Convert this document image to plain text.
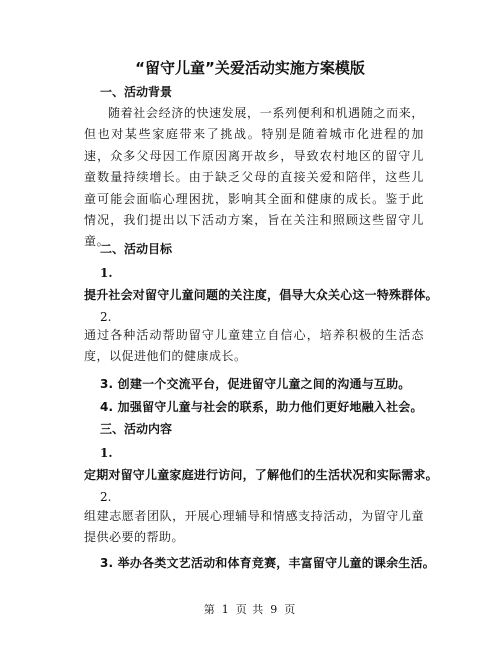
“留守儿童”关爱活动实施方案模版
一、活动背景
随着社会经济的快速发展，一系列便利和机遇随之而来，但也对某些家庭带来了挑战。特别是随着城市化进程的加速，众多父母因工作原因离开故乡，导致农村地区的留守儿童数量持续增长。由于缺乏父母的直接关爱和陪伴，这些儿童可能会面临心理困扰，影响其全面和健康的成长。鉴于此情况，我们提出以下活动方案，旨在关注和照顾这些留守儿童。
二、活动目标
1.
提升社会对留守儿童问题的关注度，倡导大众关心这一特殊群体。
2.
通过各种活动帮助留守儿童建立自信心，培养积极的生活态度，以促进他们的健康成长。
3. 创建一个交流平台，促进留守儿童之间的沟通与互助。
4. 加强留守儿童与社会的联系，助力他们更好地融入社会。
三、活动内容
1.
定期对留守儿童家庭进行访问，了解他们的生活状况和实际需求。
2.
组建志愿者团队，开展心理辅导和情感支持活动，为留守儿童提供必要的帮助。
3. 举办各类文艺活动和体育竞赛，丰富留守儿童的课余生活。
第 1 页 共 9 页
